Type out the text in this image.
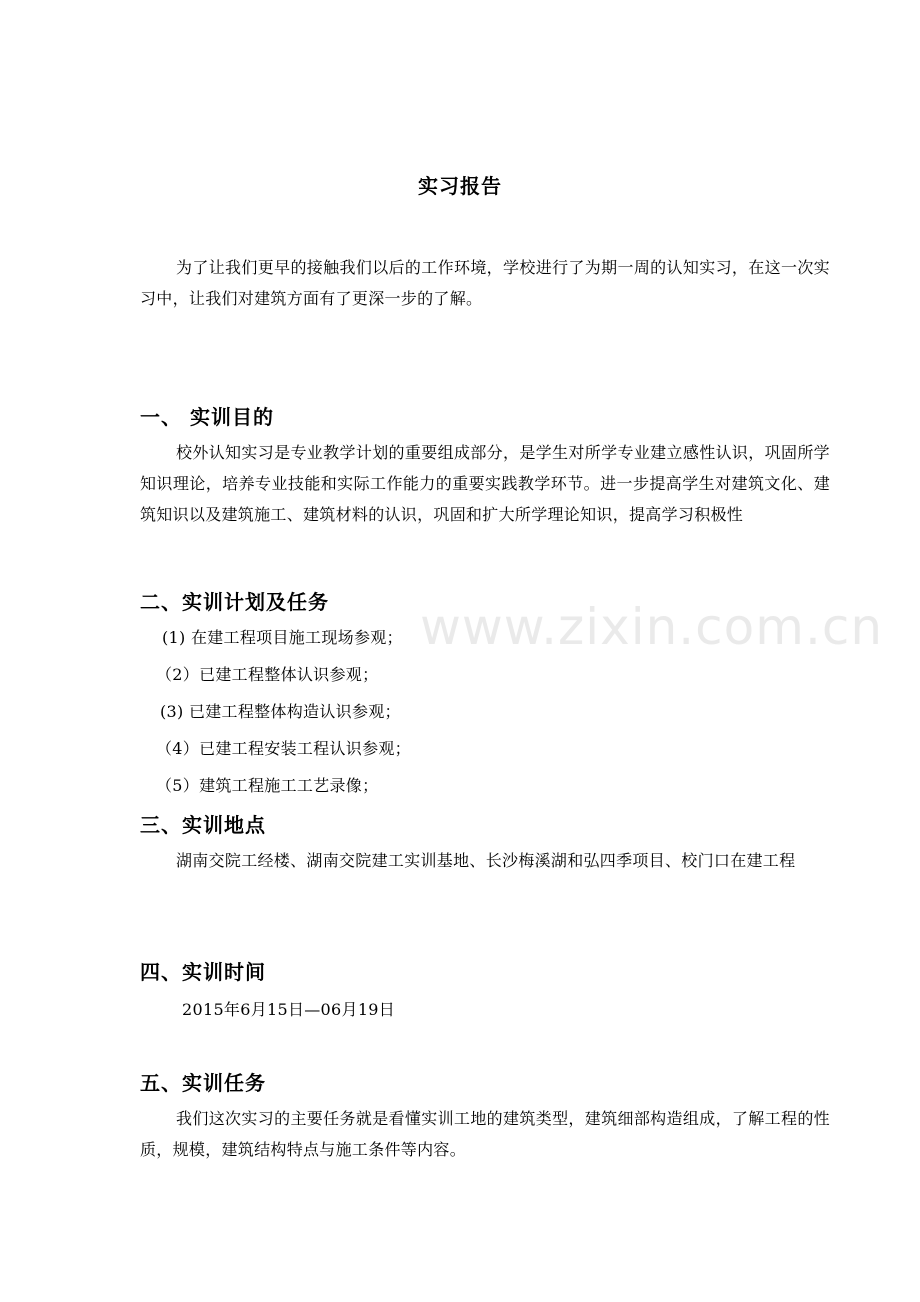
实习报告
为了让我们更早的接触我们以后的工作环境，学校进行了为期一周的认知实习，在这一次实习中，让我们对建筑方面有了更深一步的了解。
一、 实训目的
校外认知实习是专业教学计划的重要组成部分，是学生对所学专业建立感性认识，巩固所学知识理论，培养专业技能和实际工作能力的重要实践教学环节。进一步提高学生对建筑文化、建筑知识以及建筑施工、建筑材料的认识，巩固和扩大所学理论知识，提高学习积极性
二、实训计划及任务
(1) 在建工程项目施工现场参观；
（2）已建工程整体认识参观；
(3) 已建工程整体构造认识参观；
（4）已建工程安装工程认识参观；
（5）建筑工程施工工艺录像；
三、实训地点
湖南交院工经楼、湖南交院建工实训基地、长沙梅溪湖和弘四季项目、校门口在建工程
四、实训时间
2015年6月15日—06月19日
五、实训任务
我们这次实习的主要任务就是看懂实训工地的建筑类型，建筑细部构造组成，了解工程的性质，规模，建筑结构特点与施工条件等内容。
www.zixin.com.cn
